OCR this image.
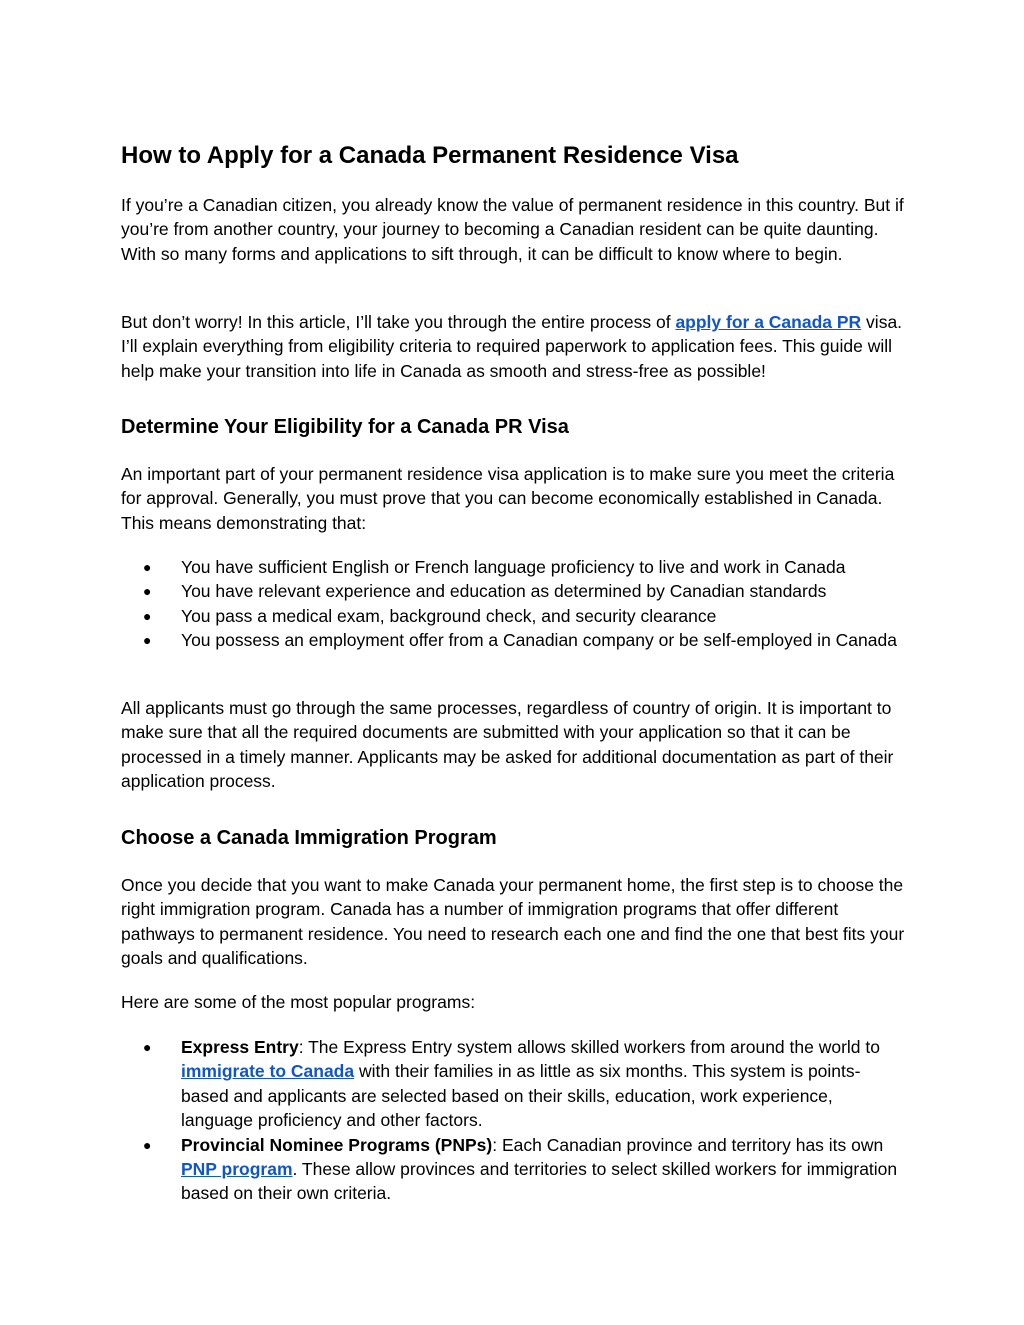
How to Apply for a Canada Permanent Residence Visa

If you’re a Canadian citizen, you already know the value of permanent residence in this country. But if you’re from another country, your journey to becoming a Canadian resident can be quite daunting. With so many forms and applications to sift through, it can be difficult to know where to begin.

But don’t worry! In this article, I’ll take you through the entire process of apply for a Canada PR visa. I’ll explain everything from eligibility criteria to required paperwork to application fees. This guide will help make your transition into life in Canada as smooth and stress-free as possible!

Determine Your Eligibility for a Canada PR Visa

An important part of your permanent residence visa application is to make sure you meet the criteria for approval. Generally, you must prove that you can become economically established in Canada. This means demonstrating that:

● You have sufficient English or French language proficiency to live and work in Canada
● You have relevant experience and education as determined by Canadian standards
● You pass a medical exam, background check, and security clearance
● You possess an employment offer from a Canadian company or be self-employed in Canada

All applicants must go through the same processes, regardless of country of origin. It is important to make sure that all the required documents are submitted with your application so that it can be processed in a timely manner. Applicants may be asked for additional documentation as part of their application process.

Choose a Canada Immigration Program

Once you decide that you want to make Canada your permanent home, the first step is to choose the right immigration program. Canada has a number of immigration programs that offer different pathways to permanent residence. You need to research each one and find the one that best fits your goals and qualifications.

Here are some of the most popular programs:

● Express Entry: The Express Entry system allows skilled workers from around the world to immigrate to Canada with their families in as little as six months. This system is points-based and applicants are selected based on their skills, education, work experience, language proficiency and other factors.
● Provincial Nominee Programs (PNPs): Each Canadian province and territory has its own PNP program. These allow provinces and territories to select skilled workers for immigration based on their own criteria.
